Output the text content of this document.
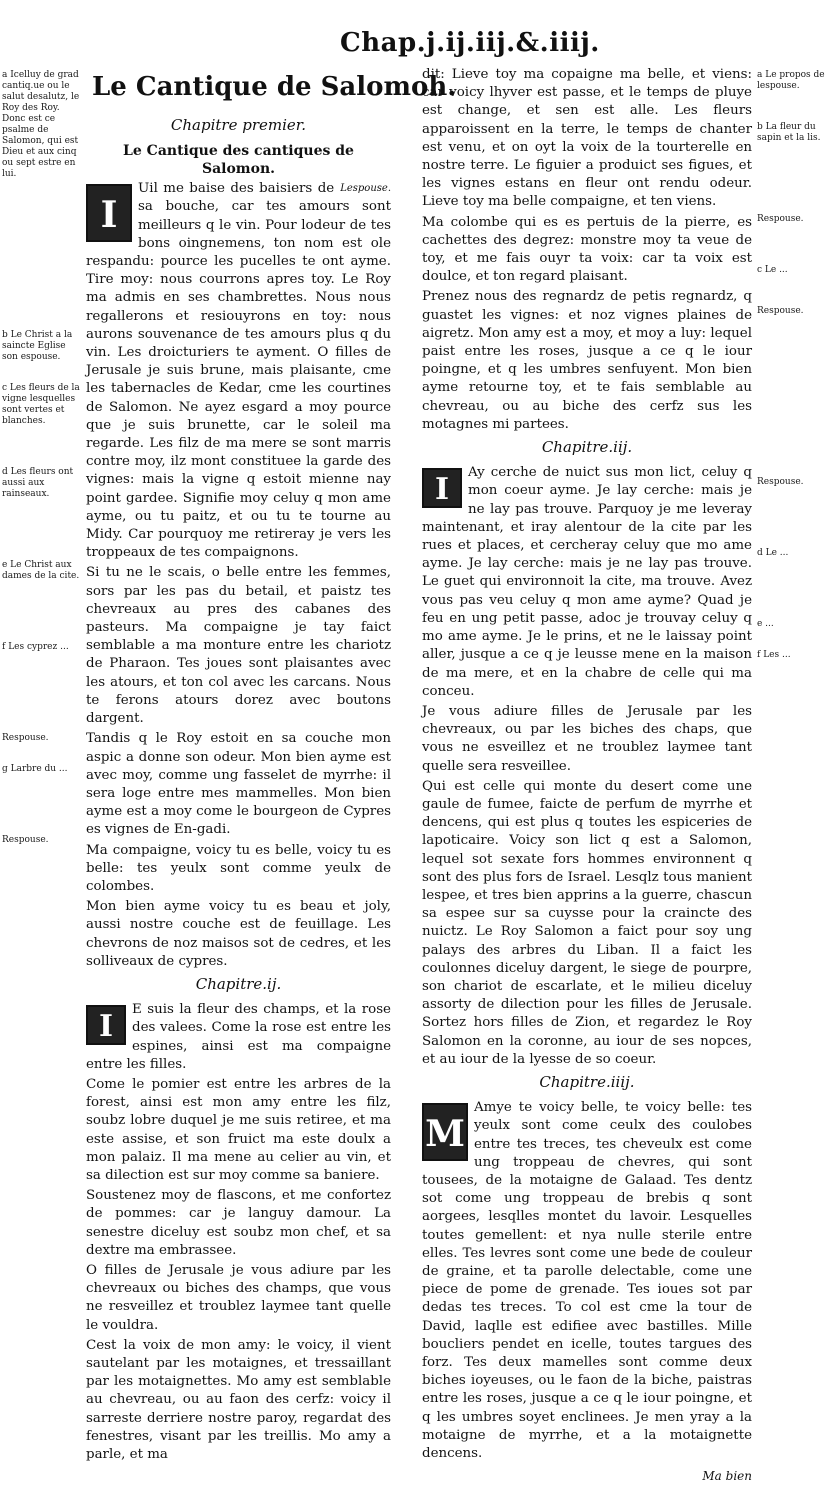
Chap.j.ij.iij.&.iiij.
a Icelluy de grad cantiq.ue ou le salut desalutz, le Roy des Roy. Donc est ce psalme de Salomon, qui est Dieu et aux cinq ou sept estre en lui.
b Le Christ a la saincte Eglise son espouse.
c Les fleurs de la vigne lesquelles sont vertes et blanches.
d Les fleurs ont aussi aux rainseaux.
e Le Christ aux dames de la cite.
f Les cyprez ...
Respouse.
g Larbre du ...
Respouse.
a Le propos de lespouse.
b La fleur du sapin et la lis.
Respouse.
c Le ...
Respouse.
Respouse.
d Le ...
e ...
f Les ...
Le Cantique de Salomoh.
Chapitre premier.
Le Cantique des cantiques de Salomon.

Lespouse.

I
Uil me baise des baisiers de sa bouche, car tes amours sont meilleurs q le vin. Pour lodeur de tes bons oingnemens, ton nom est ole respandu: pource les pucelles te ont ayme. Tire moy: nous courrons apres toy. Le Roy ma admis en ses chambrettes. Nous nous regallerons et resiouyrons en toy: nous aurons souvenance de tes amours plus q du vin. Les droicturiers te ayment. O filles de Jerusale je suis brune, mais plaisante, cme les tabernacles de Kedar, cme les courtines de Salomon. Ne ayez esgard a moy pource que je suis brunette, car le soleil ma regarde. Les filz de ma mere se sont marris contre moy, ilz mont constituee la garde des vignes: mais la vigne q estoit mienne nay point gardee. Signifie moy celuy q mon ame ayme, ou tu paitz, et ou tu te tourne au Midy. Car pourquoy me retireray je vers les troppeaux de tes compaignons.

Si tu ne le scais, o belle entre les femmes, sors par les pas du betail, et paistz tes chevreaux au pres des cabanes des pasteurs. Ma compaigne je tay faict semblable a ma monture entre les chariotz de Pharaon. Tes joues sont plaisantes avec les atours, et ton col avec les carcans. Nous te ferons atours dorez avec boutons dargent.

Tandis q le Roy estoit en sa couche mon aspic a donne son odeur. Mon bien ayme est avec moy, comme ung fasselet de myrrhe: il sera loge entre mes mammelles. Mon bien ayme est a moy come le bourgeon de Cypres es vignes de En-gadi.

Ma compaigne, voicy tu es belle, voicy tu es belle: tes yeulx sont comme yeulx de colombes.

Mon bien ayme voicy tu es beau et joly, aussi nostre couche est de feuillage. Les chevrons de noz maisos sot de cedres, et les solliveaux de cypres.

Chapitre.ij.

I	E suis la fleur des champs, et la rose des valees. Come la rose est entre les espines, ainsi est ma compaigne entre les filles.

Come le pomier est entre les arbres de la forest, ainsi est mon amy entre les filz, soubz lobre duquel je me suis retiree, et ma este assise, et son fruict ma este doulx a mon palaiz. Il ma mene au celier au vin, et sa dilection est sur moy comme sa baniere.

Soustenez moy de flascons, et me confortez de pommes: car je languy damour. La senestre diceluy est soubz mon chef, et sa dextre ma embrassee.

O filles de Jerusale je vous adiure par les chevreaux ou biches des champs, que vous ne resveillez et troublez laymee tant quelle le vouldra.

Cest la voix de mon amy: le voicy, il vient sautelant par les motaignes, et tressaillant par les motaignettes. Mo amy est semblable au chevreau, ou au faon des cerfz: voicy il sarreste derriere nostre paroy, regardat des fenestres, visant par les treillis. Mo amy a parle, et ma

dit: Lieve toy ma copaigne ma belle, et viens: car voicy lhyver est passe, et le temps de pluye est change, et sen est alle. Les fleurs apparoissent en la terre, le temps de chanter est venu, et on oyt la voix de la tourterelle en nostre terre. Le figuier a produict ses figues, et les vignes estans en fleur ont rendu odeur. Lieve toy ma belle compaigne, et ten viens.

Ma colombe qui es es pertuis de la pierre, es cachettes des degrez: monstre moy ta veue de toy, et me fais ouyr ta voix: car ta voix est doulce, et ton regard plaisant.

Prenez nous des regnardz de petis regnardz, q guastet les vignes: et noz vignes plaines de aigretz. Mon amy est a moy, et moy a luy: lequel paist entre les roses, jusque a ce q le iour poingne, et q les umbres senfuyent. Mon bien ayme retourne toy, et te fais semblable au chevreau, ou au biche des cerfz sus les motagnes mi partees.

Chapitre.iij.

I	Ay cerche de nuict sus mon lict, celuy q mon coeur ayme. Je lay cerche: mais je ne lay pas trouve. Parquoy je me leveray maintenant, et iray alentour de la cite par les rues et places, et cercheray celuy que mo ame ayme. Je lay cerche: mais je ne lay pas trouve. Le guet qui environnoit la cite, ma trouve. Avez vous pas veu celuy q mon ame ayme? Quad je feu en ung petit passe, adoc je trouvay celuy q mo ame ayme. Je le prins, et ne le laissay point aller, jusque a ce q je leusse mene en la maison de ma mere, et en la chabre de celle qui ma conceu.

Je vous adiure filles de Jerusale par les chevreaux, ou par les biches des chaps, que vous ne esveillez et ne troublez laymee tant quelle sera resveillee.

Qui est celle qui monte du desert come une gaule de fumee, faicte de perfum de myrrhe et dencens, qui est plus q toutes les espiceries de lapoticaire. Voicy son lict q est a Salomon, lequel sot sexate fors hommes environnent q sont des plus fors de Israel. Lesqlz tous manient lespee, et tres bien apprins a la guerre, chascun sa espee sur sa cuysse pour la craincte des nuictz. Le Roy Salomon a faict pour soy ung palays des arbres du Liban. Il a faict les coulonnes diceluy dargent, le siege de pourpre, son chariot de escarlate, et le milieu diceluy assorty de dilection pour les filles de Jerusale. Sortez hors filles de Zion, et regardez le Roy Salomon en la coronne, au iour de ses nopces, et au iour de la lyesse de so coeur.

Chapitre.iiij.

M
Amye te voicy belle, te voicy belle: tes yeulx sont come ceulx des coulobes entre tes treces, tes cheveulx est come ung troppeau de chevres, qui sont tousees, de la motaigne de Galaad. Tes dentz sot come ung troppeau de brebis q sont aorgees, lesqlles montet du lavoir. Lesquelles toutes gemellent: et nya nulle sterile entre elles. Tes levres sont come une bede de couleur de graine, et ta parolle delectable, come une piece de pome de grenade. Tes ioues sot par dedas tes treces. To col est cme la tour de David, laqlle est edifiee avec bastilles. Mille boucliers pendet en icelle, toutes targues des forz. Tes deux mamelles sont comme deux biches ioyeuses, ou le faon de la biche, paistras entre les roses, jusque a ce q le iour poingne, et q les umbres soyet enclinees. Je men yray a la motaigne de myrrhe, et a la motaignette dencens.

Ma bien
